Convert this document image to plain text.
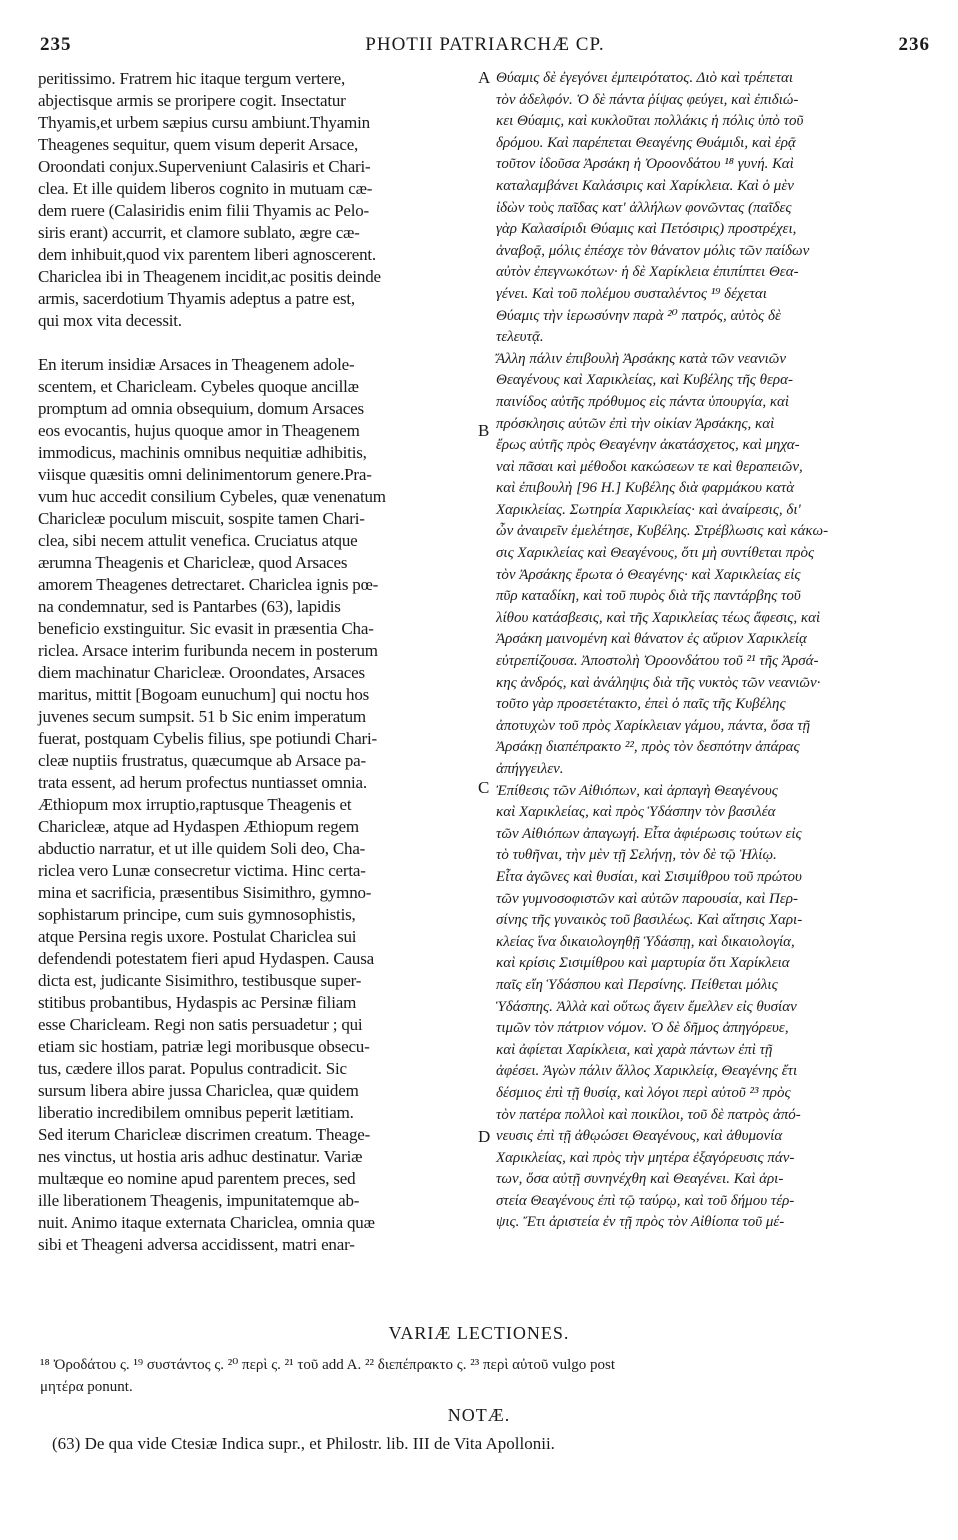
235	PHOTII PATRIARCHÆ CP.	236
peritissimo. Fratrem hic itaque tergum vertere,
abjectisque armis se proripere cogit. Insectatur
Thyamis,et urbem sæpius cursu ambiunt.Thyamin
Theagenes sequitur, quem visum deperit Arsace,
Oroondati conjux.Superveniunt Calasiris et Chari-
clea. Et ille quidem liberos cognito in mutuam cæ-
dem ruere (Calasiridis enim filii Thyamis ac Pelo-
siris erant) accurrit, et clamore sublato, ægre cæ-
dem inhibuit,quod vix parentem liberi agnoscerent.
Chariclea ibi in Theagenem incidit,ac positis deinde
armis, sacerdotium Thyamis adeptus a patre est,
qui mox vita decessit.
En iterum insidiæ Arsaces in Theagenem adole-
scentem, et Charicleam. Cybeles quoque ancillæ
promptum ad omnia obsequium, domum Arsaces
eos evocantis, hujus quoque amor in Theagenem
immodicus, machinis omnibus nequitiæ adhibitis,
viisque quæsitis omni delinimentorum genere.Pra-
vum huc accedit consilium Cybeles, quæ venenatum
Charicleæ poculum miscuit, sospite tamen Chari-
clea, sibi necem attulit venefica. Cruciatus atque
ærumna Theagenis et Charicleæ, quod Arsaces
amorem Theagenes detrectaret. Chariclea ignis pœ-
na condemnatur, sed is Pantarbes (63), lapidis
beneficio exstinguitur. Sic evasit in præsentia Cha-
riclea. Arsace interim furibunda necem in posterum
diem machinatur Charicleæ. Oroondates, Arsaces
maritus, mittit [Bogoam eunuchum] qui noctu hos
juvenes secum sumpsit. 51 b Sic enim imperatum
fuerat, postquam Cybelis filius, spe potiundi Chari-
cleæ nuptiis frustratus, quæcumque ab Arsace pa-
trata essent, ad herum profectus nuntiasset omnia.
Æthiopum mox irruptio,raptusque Theagenis et
Charicleæ, atque ad Hydaspen Æthiopum regem
abductio narratur, et ut ille quidem Soli deo, Cha-
riclea vero Lunæ consecretur victima. Hinc certa-
mina et sacrificia, præsentibus Sisimithro, gymno-
sophistarum principe, cum suis gymnosophistis,
atque Persina regis uxore. Postulat Chariclea sui
defendendi potestatem fieri apud Hydaspen. Causa
dicta est, judicante Sisimithro, testibusque super-
stitibus probantibus, Hydaspis ac Persinæ filiam
esse Charicleam. Regi non satis persuadetur ; qui
etiam sic hostiam, patriæ legi moribusque obsecu-
tus, cædere illos parat. Populus contradicit. Sic
sursum libera abire jussa Chariclea, quæ quidem
liberatio incredibilem omnibus peperit lætitiam.
Sed iterum Charicleæ discrimen creatum. Theage-
nes vinctus, ut hostia aris adhuc destinatur. Variæ
multæque eo nomine apud parentem preces, sed
ille liberationem Theagenis, impunitatemque ab-
nuit. Animo itaque externata Chariclea, omnia quæ
sibi et Theageni adversa accidissent, matri enar-
Θύαμις δὲ ἐγεγόνει ἐμπειρότατος. Διὸ καὶ τρέπεται
τὸν ἀδελφόν. Ὁ δὲ πάντα ῥίψας φεύγει, καὶ ἐπιδιώ-
κει Θύαμις, καὶ κυκλοῦται πολλάκις ἡ πόλις ὑπὸ τοῦ
δρόμου. Καὶ παρέπεται Θεαγένης Θυάμιδι, καὶ ἐρᾷ
τοῦτον ἰδοῦσα Ἀρσάκη ἡ Ὀροονδάτου ¹⁸ γυνή. Καὶ
καταλαμβάνει Καλάσιρις καὶ Χαρίκλεια. Καὶ ὁ μὲν
ἰδὼν τοὺς παῖδας κατ' ἀλλήλων φονῶντας (παῖδες
γὰρ Καλασίριδι Θύαμις καὶ Πετόσιρις) προστρέχει,
ἀναβοᾷ, μόλις ἐπέσχε τὸν θάνατον μόλις τῶν παίδων
αὐτὸν ἐπεγνωκότων· ἡ δὲ Χαρίκλεια ἐπιπίπτει Θεα-
γένει. Καὶ τοῦ πολέμου συσταλέντος ¹⁹ δέχεται
Θύαμις τὴν ἱερωσύνην παρὰ ²⁰ πατρός, αὐτὸς δὲ
τελευτᾷ.
Ἄλλη πάλιν ἐπιβουλὴ Ἀρσάκης κατὰ τῶν νεανιῶν
Θεαγένους καὶ Χαρικλείας, καὶ Κυβέλης τῆς θερα-
παινίδος αὐτῆς πρόθυμος εἰς πάντα ὑπουργία, καὶ
πρόσκλησις αὐτῶν ἐπὶ τὴν οἰκίαν Ἀρσάκης, καὶ
ἔρως αὐτῆς πρὸς Θεαγένην ἀκατάσχετος, καὶ μηχα-
ναὶ πᾶσαι καὶ μέθοδοι κακώσεων τε καὶ θεραπειῶν,
καὶ ἐπιβουλὴ [96 H.] Κυβέλης διὰ φαρμάκου κατὰ
Χαρικλείας. Σωτηρία Χαρικλείας· καὶ ἀναίρεσις, δι'
ὧν ἀναιρεῖν ἐμελέτησε, Κυβέλης. Στρέβλωσις καὶ κάκω-
σις Χαρικλείας καὶ Θεαγένους, ὅτι μὴ συντίθεται πρὸς
τὸν Ἀρσάκης ἔρωτα ὁ Θεαγένης· καὶ Χαρικλείας εἰς
πῦρ καταδίκη, καὶ τοῦ πυρὸς διὰ τῆς παντάρβης τοῦ
λίθου κατάσβεσις, καὶ τῆς Χαρικλείας τέως ἄφεσις, καὶ
Ἀρσάκη μαινομένη καὶ θάνατον ἐς αὔριον Χαρικλείᾳ
εὐτρεπίζουσα. Ἀποστολὴ Ὀροονδάτου τοῦ ²¹ τῆς Ἀρσά-
κης ἀνδρός, καὶ ἀνάληψις διὰ τῆς νυκτὸς τῶν νεανιῶν·
τοῦτο γὰρ προσετέτακτο, ἐπεὶ ὁ παῖς τῆς Κυβέλης
ἀποτυχὼν τοῦ πρὸς Χαρίκλειαν γάμου, πάντα, ὅσα τῇ
Ἀρσάκῃ διαπέπρακτο ²², πρὸς τὸν δεσπότην ἀπάρας
ἀπήγγειλεν.
Ἐπίθεσις τῶν Αἰθιόπων, καὶ ἁρπαγὴ Θεαγένους
καὶ Χαρικλείας, καὶ πρὸς Ὑδάσπην τὸν βασιλέα
τῶν Αἰθιόπων ἀπαγωγή. Εἶτα ἀφιέρωσις τούτων εἰς
τὸ τυθῆναι, τὴν μὲν τῇ Σελήνῃ, τὸν δὲ τῷ Ἡλίῳ.
Εἶτα ἀγῶνες καὶ θυσίαι, καὶ Σισιμίθρου τοῦ πρώτου
τῶν γυμνοσοφιστῶν καὶ αὐτῶν παρουσία, καὶ Περ-
σίνης τῆς γυναικὸς τοῦ βασιλέως. Καὶ αἴτησις Χαρι-
κλείας ἵνα δικαιολογηθῇ Ὑδάσπῃ, καὶ δικαιολογία,
καὶ κρίσις Σισιμίθρου καὶ μαρτυρία ὅτι Χαρίκλεια
παῖς εἴη Ὑδάσπου καὶ Περσίνης. Πείθεται μόλις
Ὑδάσπης. Ἀλλὰ καὶ οὕτως ἄγειν ἔμελλεν εἰς θυσίαν
τιμῶν τὸν πάτριον νόμον. Ὁ δὲ δῆμος ἀπηγόρευε,
καὶ ἀφίεται Χαρίκλεια, καὶ χαρὰ πάντων ἐπὶ τῇ
ἀφέσει. Ἀγὼν πάλιν ἄλλος Χαρικλείᾳ, Θεαγένης ἔτι
δέσμιος ἐπὶ τῇ θυσίᾳ, καὶ λόγοι περὶ αὐτοῦ ²³ πρὸς
τὸν πατέρα πολλοὶ καὶ ποικίλοι, τοῦ δὲ πατρὸς ἀπό-
νευσις ἐπὶ τῇ ἀθῳώσει Θεαγένους, καὶ ἀθυμονία
Χαρικλείας, καὶ πρὸς τὴν μητέρα ἐξαγόρευσις πάν-
των, ὅσα αὐτῇ συνηνέχθη καὶ Θεαγένει. Καὶ ἀρι-
στεία Θεαγένους ἐπὶ τῷ ταύρῳ, καὶ τοῦ δήμου τέρ-
ψις. Ἔτι ἀριστεία ἐν τῇ πρὸς τὸν Αἰθίοπα τοῦ μέ-
A
B
C
D
VARIÆ LECTIONES.
¹⁸ Ὀροδάτου ς. ¹⁹ συστάντος ς. ²⁰ περὶ ς. ²¹ τοῦ add A. ²² διεπέπρακτο ς. ²³ περὶ αὐτοῦ vulgo post
μητέρα ponunt.
NOTÆ.
(63) De qua vide Ctesiæ Indica supr., et Philostr. lib. III de Vita Apollonii.
